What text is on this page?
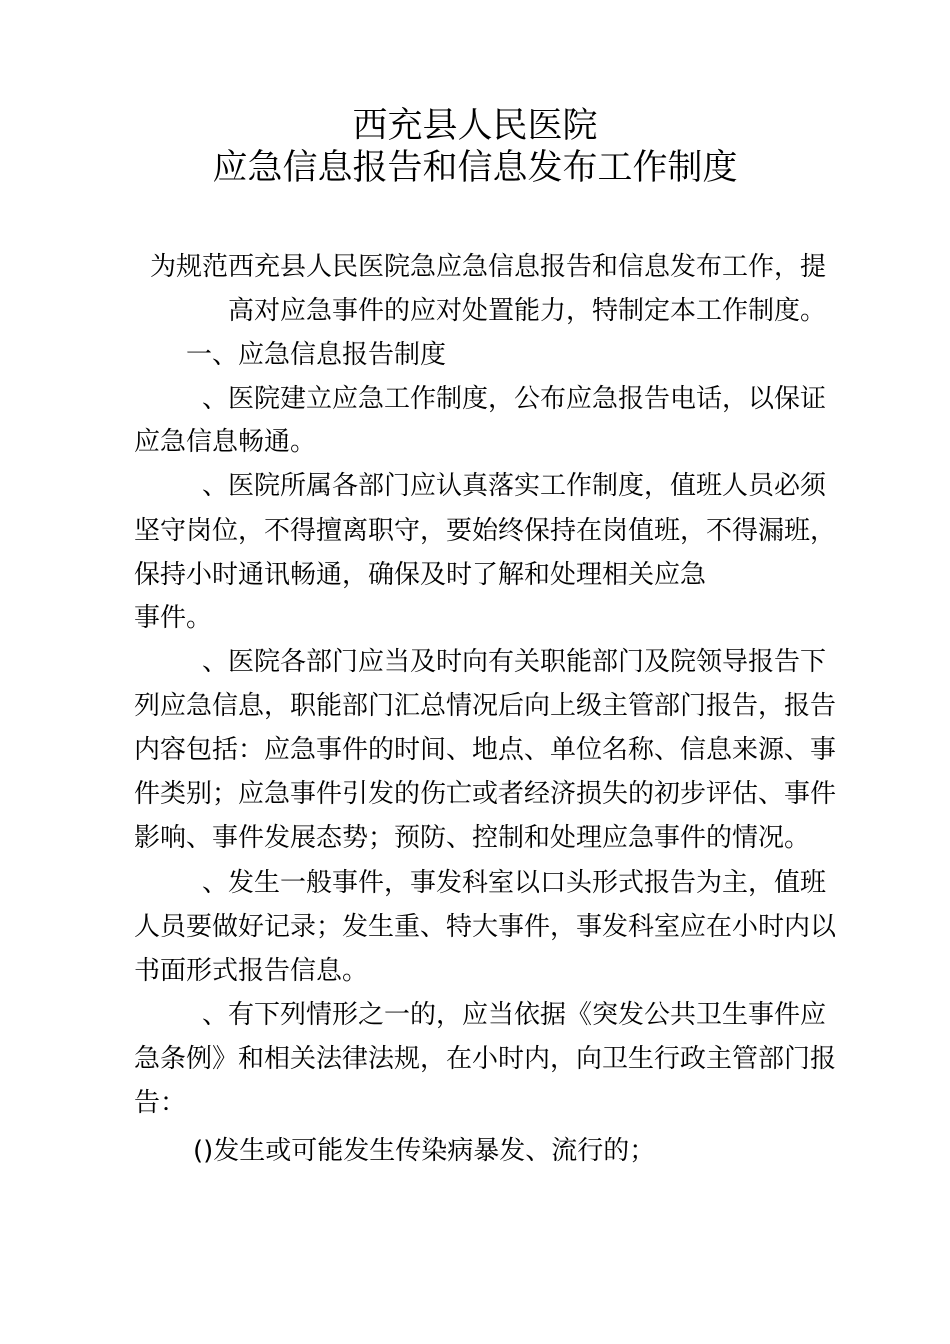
西充县人民医院
应急信息报告和信息发布工作制度
为规范西充县人民医院急应急信息报告和信息发布工作，提
高对应急事件的应对处置能力，特制定本工作制度。
一、应急信息报告制度
、医院建立应急工作制度，公布应急报告电话，以保证
应急信息畅通。
、医院所属各部门应认真落实工作制度，值班人员必须
坚守岗位，不得擅离职守，要始终保持在岗值班，不得漏班，
保持小时通讯畅通，确保及时了解和处理相关应急
事件。
、医院各部门应当及时向有关职能部门及院领导报告下
列应急信息，职能部门汇总情况后向上级主管部门报告，报告
内容包括：应急事件的时间、地点、单位名称、信息来源、事
件类别；应急事件引发的伤亡或者经济损失的初步评估、事件
影响、事件发展态势；预防、控制和处理应急事件的情况。
、发生一般事件，事发科室以口头形式报告为主，值班
人员要做好记录；发生重、特大事件，事发科室应在小时内以
书面形式报告信息。
、有下列情形之一的，应当依据《突发公共卫生事件应
急条例》和相关法律法规，在小时内，向卫生行政主管部门报
告：
()发生或可能发生传染病暴发、流行的；
